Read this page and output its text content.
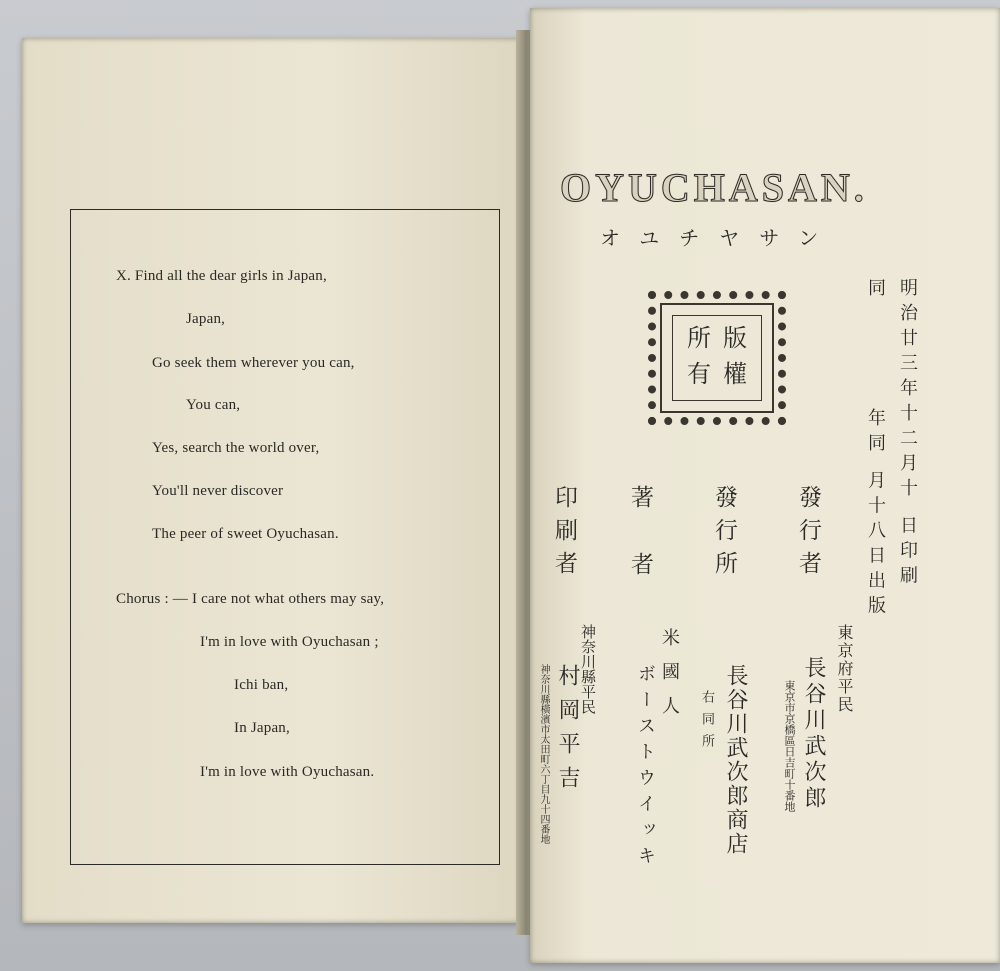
X. Find all the dear girls in Japan,
Japan,
Go seek them wherever you can,
You can,
Yes, search the world over,
You'll never discover
The peer of sweet Oyuchasan.
Chorus : — I care not what others may say,
I'm in love with Oyuchasan ;
Ichi ban,
In Japan,
I'm in love with Oyuchasan.
OYUCHASAN.
オユチヤサン
版
權
所
有	明治廿三年十二月十 日印刷
同
年同 月十八日出版
發行者
發行所
著者
印刷者
東京府平民
長谷川武次郎
東京市京橋區日吉町十番地
長谷川武次郎商店
右同所
米國人
ボーストウイッキ
神奈川縣平民
村岡平吉
神奈川縣橫濱市太田町六丁目九十四番地
